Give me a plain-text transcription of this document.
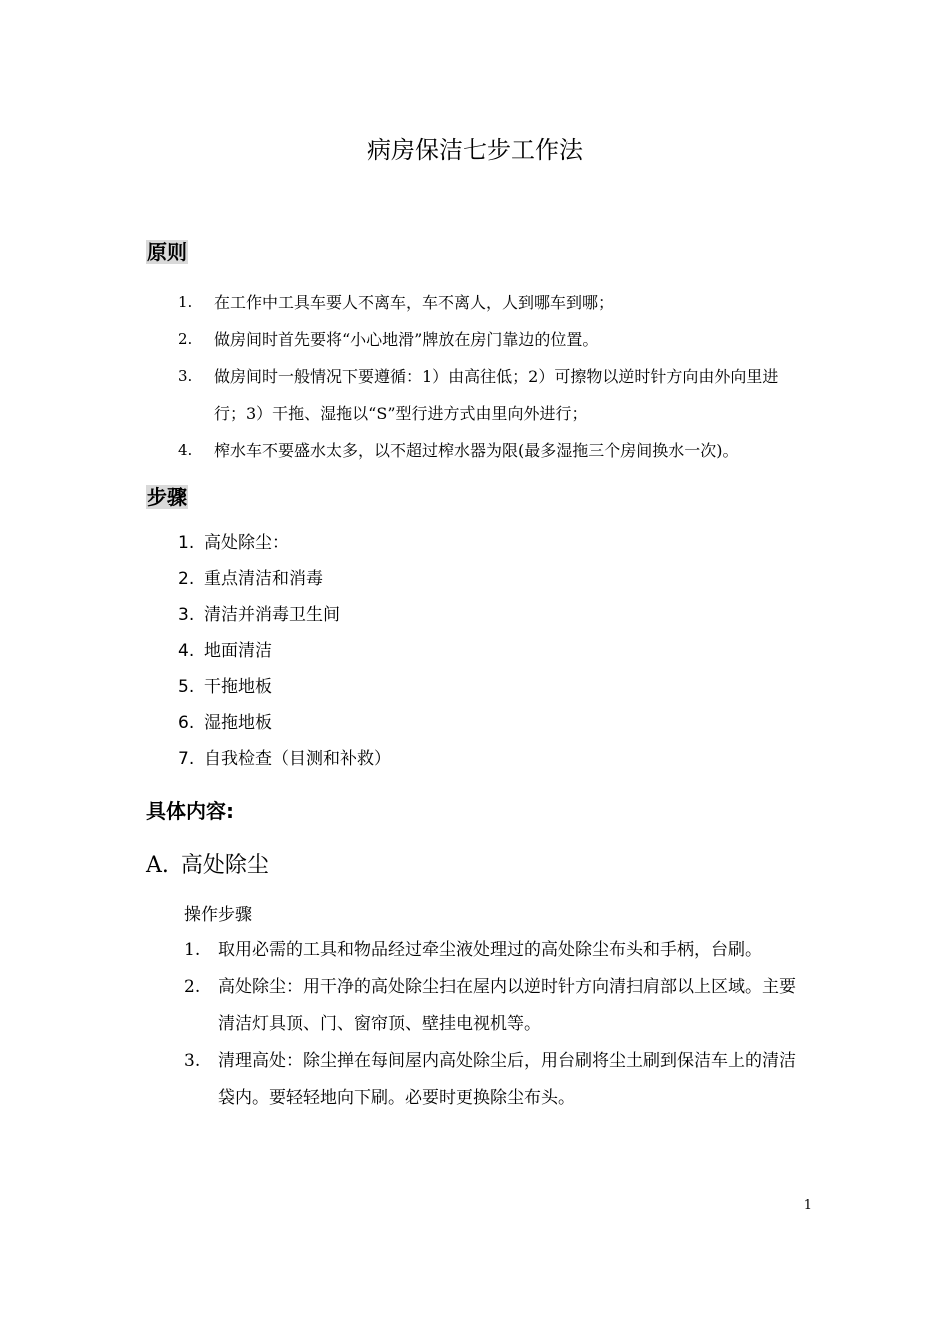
病房保洁七步工作法
原则
1. 在工作中工具车要人不离车，车不离人，人到哪车到哪；
2. 做房间时首先要将“小心地滑”牌放在房门靠边的位置。
3. 做房间时一般情况下要遵循：1）由高往低；2）可擦物以逆时针方向由外向里进行；3）干拖、湿拖以“S”型行进方式由里向外进行；
4. 榨水车不要盛水太多，以不超过榨水器为限(最多湿拖三个房间换水一次)。
步骤
1. 高处除尘：
2. 重点清洁和消毒
3. 清洁并消毒卫生间
4. 地面清洁
5. 干拖地板
6. 湿拖地板
7. 自我检查（目测和补救）
具体内容:
A. 高处除尘
操作步骤
1. 取用必需的工具和物品经过牵尘液处理过的高处除尘布头和手柄，台刷。
2. 高处除尘：用干净的高处除尘扫在屋内以逆时针方向清扫肩部以上区域。主要清洁灯具顶、门、窗帘顶、壁挂电视机等。
3. 清理高处：除尘掸在每间屋内高处除尘后，用台刷将尘土刷到保洁车上的清洁袋内。要轻轻地向下刷。必要时更换除尘布头。
1
